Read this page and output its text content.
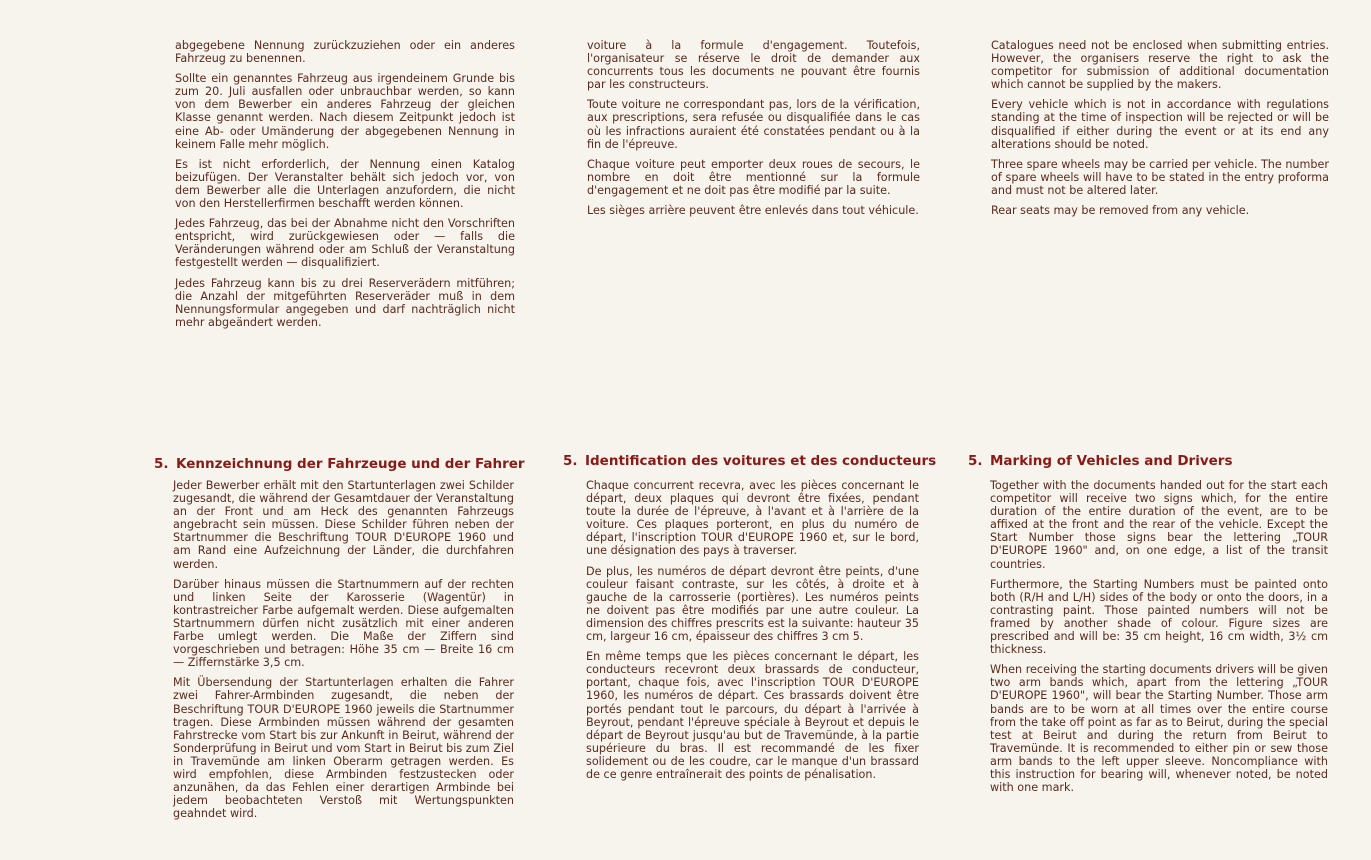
abgegebene Nennung zurückzuziehen oder ein anderes Fahrzeug zu benennen.

Sollte ein genanntes Fahrzeug aus irgendeinem Grunde bis zum 20. Juli ausfallen oder unbrauchbar werden, so kann von dem Bewerber ein anderes Fahrzeug der gleichen Klasse genannt werden. Nach diesem Zeitpunkt jedoch ist eine Ab- oder Umänderung der abgegebenen Nennung in keinem Falle mehr möglich.

Es ist nicht erforderlich, der Nennung einen Katalog beizufügen. Der Veranstalter behält sich jedoch vor, von dem Bewerber alle die Unterlagen anzufordern, die nicht von den Herstellerfirmen beschafft werden können.

Jedes Fahrzeug, das bei der Abnahme nicht den Vorschriften entspricht, wird zurückgewiesen oder — falls die Veränderungen während oder am Schluß der Veranstaltung festgestellt werden — disqualifiziert.

Jedes Fahrzeug kann bis zu drei Reserverädern mitführen; die Anzahl der mitgeführten Reserveräder muß in dem Nennungsformular angegeben und darf nachträglich nicht mehr abgeändert werden.

voiture à la formule d'engagement. Toutefois, l'organisateur se réserve le droit de demander aux concurrents tous les documents ne pouvant être fournis par les constructeurs.

Toute voiture ne correspondant pas, lors de la vérification, aux prescriptions, sera refusée ou disqualifiée dans le cas où les infractions auraient été constatées pendant ou à la fin de l'épreuve.

Chaque voiture peut emporter deux roues de secours, le nombre en doit être mentionné sur la formule d'engagement et ne doit pas être modifié par la suite.

Les sièges arrière peuvent être enlevés dans tout véhicule.

Catalogues need not be enclosed when submitting entries. However, the organisers reserve the right to ask the competitor for submission of additional documentation which cannot be supplied by the makers.

Every vehicle which is not in accordance with regulations standing at the time of inspection will be rejected or will be disqualified if either during the event or at its end any alterations should be noted.

Three spare wheels may be carried per vehicle. The number of spare wheels will have to be stated in the entry proforma and must not be altered later.

Rear seats may be removed from any vehicle.

5. Kennzeichnung der Fahrzeuge und der Fahrer	5. Identification des voitures et des conducteurs 5. Marking of Vehicles and Drivers

Jeder Bewerber erhält mit den Startunterlagen zwei Schilder zugesandt, die während der Gesamtdauer der Veranstaltung an der Front und am Heck des genannten Fahrzeugs angebracht sein müssen. Diese Schilder führen neben der Startnummer die Beschriftung TOUR D'EUROPE 1960 und am Rand eine Aufzeichnung der Länder, die durchfahren werden.

Darüber hinaus müssen die Startnummern auf der rechten und linken Seite der Karosserie (Wagentür) in kontrastreicher Farbe aufgemalt werden. Diese aufgemalten Startnummern dürfen nicht zusätzlich mit einer anderen Farbe umlegt werden. Die Maße der Ziffern sind vorgeschrieben und betragen: Höhe 35 cm — Breite 16 cm — Ziffernstärke 3,5 cm.

Mit Übersendung der Startunterlagen erhalten die Fahrer zwei Fahrer-Armbinden zugesandt, die neben der Beschriftung TOUR D'EUROPE 1960 jeweils die Startnummer tragen. Diese Armbinden müssen während der gesamten Fahrstrecke vom Start bis zur Ankunft in Beirut, während der Sonderprüfung in Beirut und vom Start in Beirut bis zum Ziel in Travemünde am linken Oberarm getragen werden. Es wird empfohlen, diese Armbinden festzustecken oder anzunähen, da das Fehlen einer derartigen Armbinde bei jedem beobachteten Verstoß mit Wertungspunkten geahndet wird.

Chaque concurrent recevra, avec les pièces concernant le départ, deux plaques qui devront être fixées, pendant toute la durée de l'épreuve, à l'avant et à l'arrière de la voiture. Ces plaques porteront, en plus du numéro de départ, l'inscription TOUR d'EUROPE 1960 et, sur le bord, une désignation des pays à traverser.

De plus, les numéros de départ devront être peints, d'une couleur faisant contraste, sur les côtés, à droite et à gauche de la carrosserie (portières). Les numéros peints ne doivent pas être modifiés par une autre couleur. La dimension des chiffres prescrits est la suivante: hauteur 35 cm, largeur 16 cm, épaisseur des chiffres 3 cm 5.

En même temps que les pièces concernant le départ, les conducteurs recevront deux brassards de conducteur, portant, chaque fois, avec l'inscription TOUR D'EUROPE 1960, les numéros de départ. Ces brassards doivent être portés pendant tout le parcours, du départ à l'arrivée à Beyrout, pendant l'épreuve spéciale à Beyrout et depuis le départ de Beyrout jusqu'au but de Travemünde, à la partie supérieure du bras. Il est recommandé de les fixer solidement ou de les coudre, car le manque d'un brassard de ce genre entraînerait des points de pénalisation.

Together with the documents handed out for the start each competitor will receive two signs which, for the entire duration of the entire duration of the event, are to be affixed at the front and the rear of the vehicle. Except the Start Number those signs bear the lettering „TOUR D'EUROPE 1960" and, on one edge, a list of the transit countries.

Furthermore, the Starting Numbers must be painted onto both (R/H and L/H) sides of the body or onto the doors, in a contrasting paint. Those painted numbers will not be framed by another shade of colour. Figure sizes are prescribed and will be: 35 cm height, 16 cm width, 3½ cm thickness.

When receiving the starting documents drivers will be given two arm bands which, apart from the lettering „TOUR D'EUROPE 1960", will bear the Starting Number. Those arm bands are to be worn at all times over the entire course from the take off point as far as to Beirut, during the special test at Beirut and during the return from Beirut to Travemünde. It is recommended to either pin or sew those arm bands to the left upper sleeve. Noncompliance with this instruction for bearing will, whenever noted, be noted with one mark.
